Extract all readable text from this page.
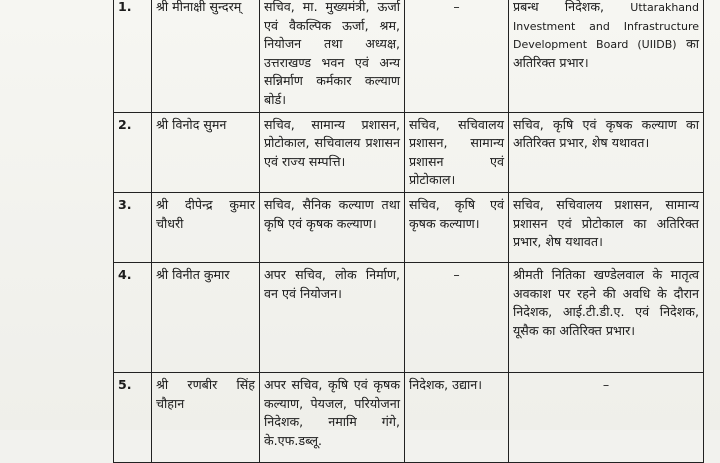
1.	श्री मीनाक्षी सुन्दरम्	सचिव, मा. मुख्यमंत्री, ऊर्जा एवं वैकल्पिक ऊर्जा, श्रम, नियोजन तथा अध्यक्ष, उत्तराखण्ड भवन एवं अन्य सन्निर्माण कर्मकार कल्याण बोर्ड।	–	प्रबन्ध निदेशक, Uttarakhand Investment and Infrastructure Development Board (UIIDB) का अतिरिक्त प्रभार।
2.	श्री विनोद सुमन	सचिव, सामान्य प्रशासन, प्रोटोकाल, सचिवालय प्रशासन एवं राज्य सम्पत्ति।	सचिव, सचिवालय प्रशासन, सामान्य प्रशासन एवं प्रोटोकाल।	सचिव, कृषि एवं कृषक कल्याण का अतिरिक्त प्रभार, शेष यथावत।
3.	श्री दीपेन्द्र कुमार चौधरी	सचिव, सैनिक कल्याण तथा कृषि एवं कृषक कल्याण।	सचिव, कृषि एवं कृषक कल्याण।	सचिव, सचिवालय प्रशासन, सामान्य प्रशासन एवं प्रोटोकाल का अतिरिक्त प्रभार, शेष यथावत।
4.	श्री विनीत कुमार	अपर सचिव, लोक निर्माण, वन एवं नियोजन।	–	श्रीमती नितिका खण्डेलवाल के मातृत्व अवकाश पर रहने की अवधि के दौरान निदेशक, आई.टी.डी.ए. एवं निदेशक, यूसैक का अतिरिक्त प्रभार।
5.	श्री रणबीर सिंह चौहान	अपर सचिव, कृषि एवं कृषक कल्याण, पेयजल, परियोजना निदेशक, नमामि गंगे, के.एफ.डब्लू.	निदेशक, उद्यान।	–
